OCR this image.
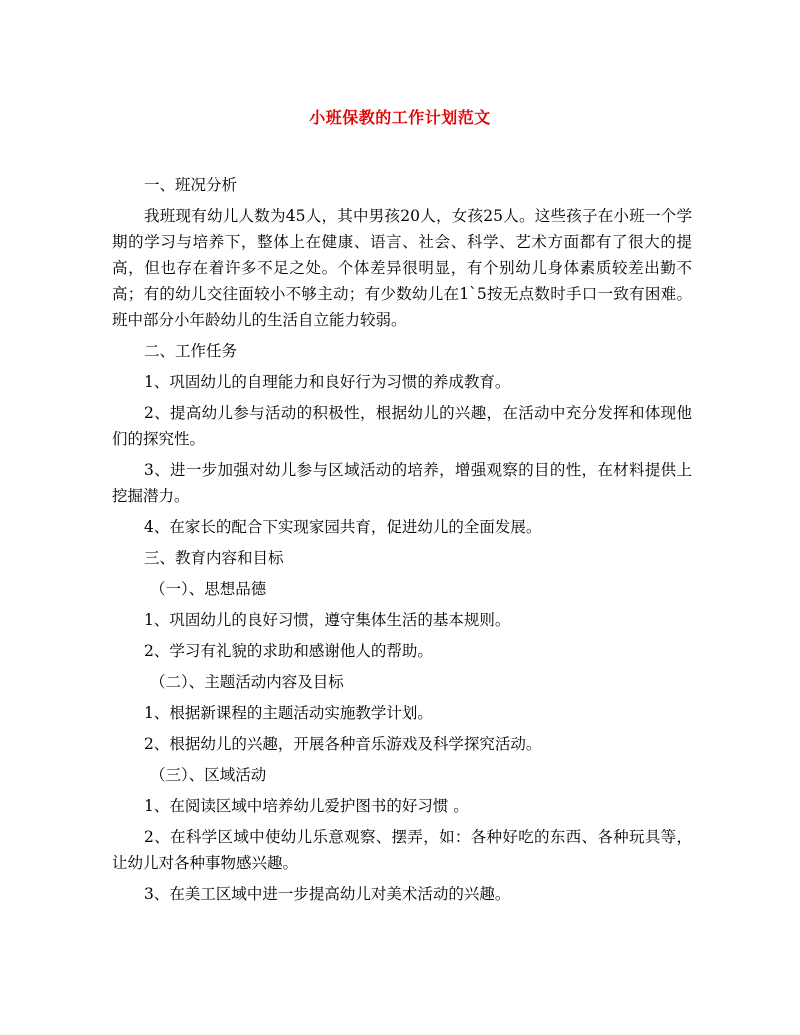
小班保教的工作计划范文

一、班况分析

我班现有幼儿人数为45人，其中男孩20人，女孩25人。这些孩子在小班一个学期的学习与培养下，整体上在健康、语言、社会、科学、艺术方面都有了很大的提高，但也存在着许多不足之处。个体差异很明显，有个别幼儿身体素质较差出勤不高；有的幼儿交往面较小不够主动；有少数幼儿在1`5按无点数时手口一致有困难。班中部分小年龄幼儿的生活自立能力较弱。

二、工作任务

1、巩固幼儿的自理能力和良好行为习惯的养成教育。

2、提高幼儿参与活动的积极性，根据幼儿的兴趣，在活动中充分发挥和体现他们的探究性。

3、进一步加强对幼儿参与区域活动的培养，增强观察的目的性，在材料提供上挖掘潜力。

4、在家长的配合下实现家园共育，促进幼儿的全面发展。

三、教育内容和目标

（一）、思想品德

1、巩固幼儿的良好习惯，遵守集体生活的基本规则。

2、学习有礼貌的求助和感谢他人的帮助。

（二）、主题活动内容及目标

1、根据新课程的主题活动实施教学计划。

2、根据幼儿的兴趣，开展各种音乐游戏及科学探究活动。

（三）、区域活动

1、在阅读区域中培养幼儿爱护图书的好习惯 。

2、在科学区域中使幼儿乐意观察、摆弄，如：各种好吃的东西、各种玩具等，让幼儿对各种事物感兴趣。

3、在美工区域中进一步提高幼儿对美术活动的兴趣。
